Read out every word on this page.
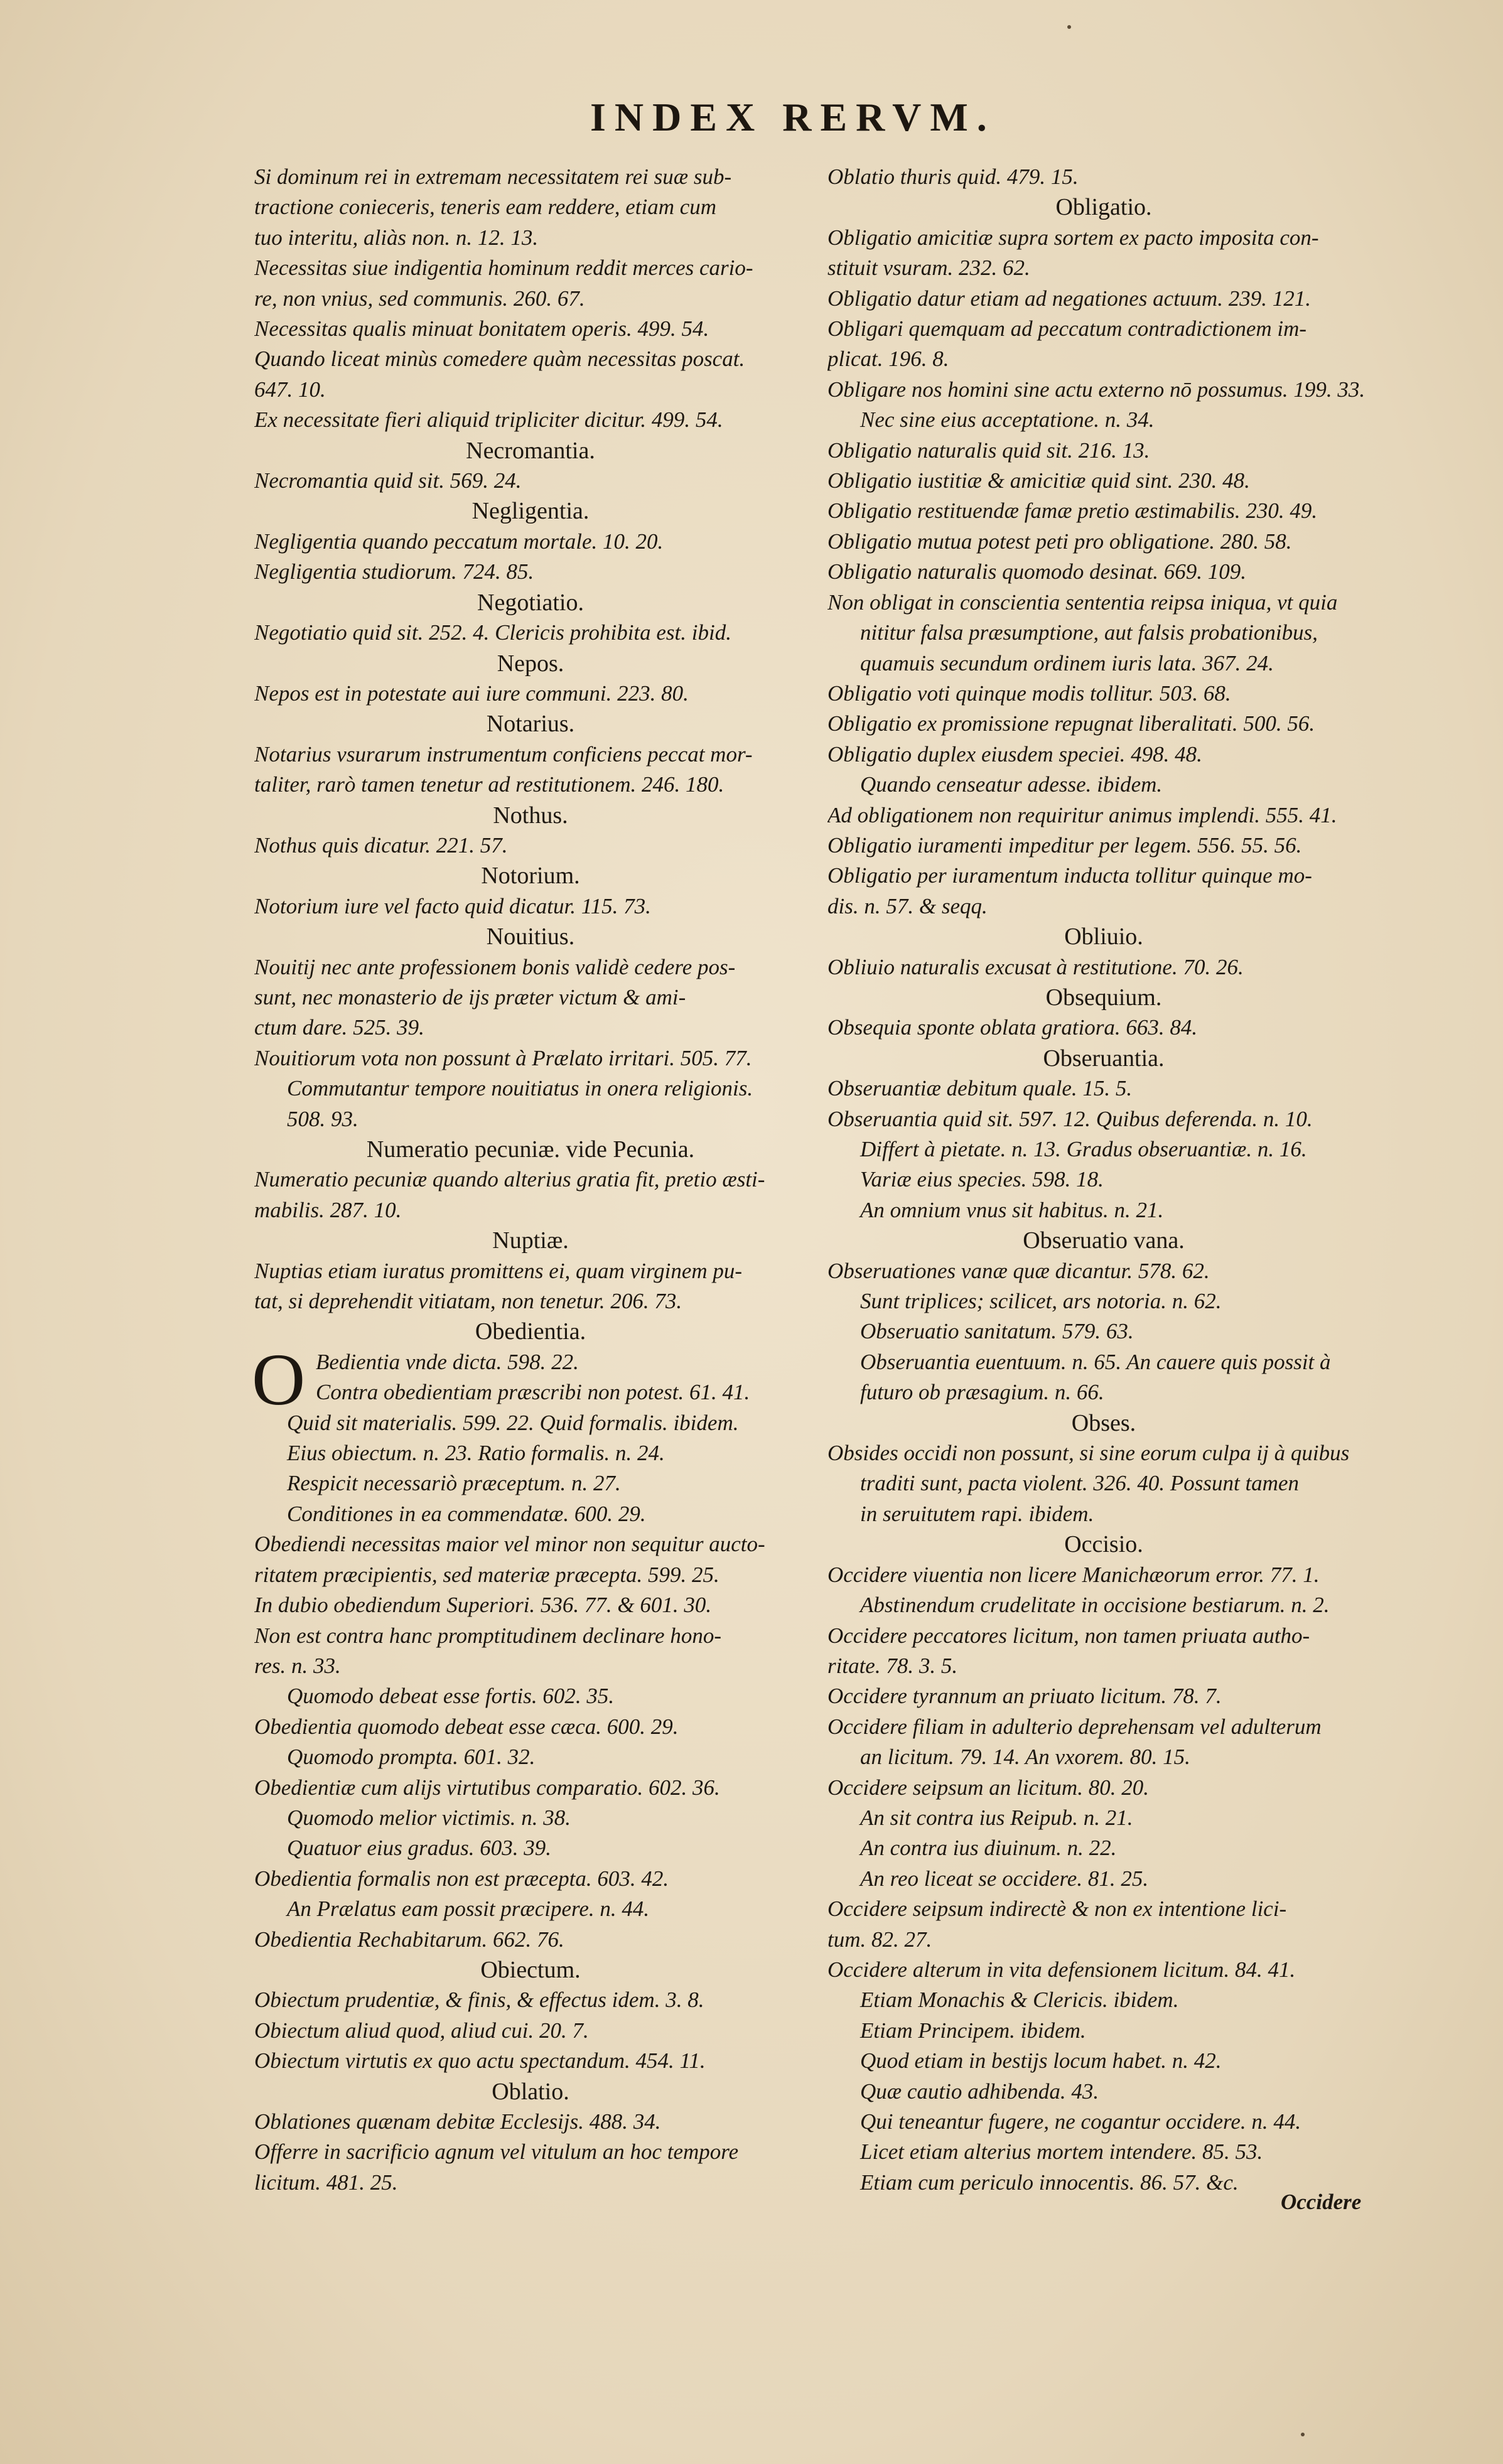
INDEX RERVM.
Si dominum rei in extremam necessitatem rei suæ sub-
tractione conieceris, teneris eam reddere, etiam cum
tuo interitu, aliàs non. n. 12. 13.
Necessitas siue indigentia hominum reddit merces cario-
re, non vnius, sed communis. 260. 67.
Necessitas qualis minuat bonitatem operis. 499. 54.
Quando liceat minùs comedere quàm necessitas poscat.
647. 10.
Ex necessitate fieri aliquid tripliciter dicitur. 499. 54.
Necromantia.
Necromantia quid sit. 569. 24.
Negligentia.
Negligentia quando peccatum mortale. 10. 20.
Negligentia studiorum. 724. 85.
Negotiatio.
Negotiatio quid sit. 252. 4. Clericis prohibita est. ibid.
Nepos.
Nepos est in potestate aui iure communi. 223. 80.
Notarius.
Notarius vsurarum instrumentum conficiens peccat mor-
taliter, rarò tamen tenetur ad restitutionem. 246. 180.
Nothus.
Nothus quis dicatur. 221. 57.
Notorium.
Notorium iure vel facto quid dicatur. 115. 73.
Nouitius.
Nouitij nec ante professionem bonis validè cedere pos-
sunt, nec monasterio de ijs præter victum & ami-
ctum dare. 525. 39.
Nouitiorum vota non possunt à Prælato irritari. 505. 77.
Commutantur tempore nouitiatus in onera religionis.
508. 93.
Numeratio pecuniæ. vide Pecunia.
Numeratio pecuniæ quando alterius gratia fit, pretio æsti-
mabilis. 287. 10.
Nuptiæ.
Nuptias etiam iuratus promittens ei, quam virginem pu-
tat, si deprehendit vitiatam, non tenetur. 206. 73.
Obedientia.
O Bedientia vnde dicta. 598. 22.
Contra obedientiam præscribi non potest. 61. 41.
Quid sit materialis. 599. 22. Quid formalis. ibidem.
Eius obiectum. n. 23. Ratio formalis. n. 24.
Respicit necessariò præceptum. n. 27.
Conditiones in ea commendatæ. 600. 29.
Obediendi necessitas maior vel minor non sequitur aucto-
ritatem præcipientis, sed materiæ præcepta. 599. 25.
In dubio obediendum Superiori. 536. 77. & 601. 30.
Non est contra hanc promptitudinem declinare hono-
res. n. 33.
Quomodo debeat esse fortis. 602. 35.
Obedientia quomodo debeat esse cæca. 600. 29.
Quomodo prompta. 601. 32.
Obedientiæ cum alijs virtutibus comparatio. 602. 36.
Quomodo melior victimis. n. 38.
Quatuor eius gradus. 603. 39.
Obedientia formalis non est præcepta. 603. 42.
An Prælatus eam possit præcipere. n. 44.
Obedientia Rechabitarum. 662. 76.
Obiectum.
Obiectum prudentiæ, & finis, & effectus idem. 3. 8.
Obiectum aliud quod, aliud cui. 20. 7.
Obiectum virtutis ex quo actu spectandum. 454. 11.
Oblatio.
Oblationes quænam debitæ Ecclesijs. 488. 34.
Offerre in sacrificio agnum vel vitulum an hoc tempore
licitum. 481. 25.
Oblatio thuris quid. 479. 15.
Obligatio.
Obligatio amicitiæ supra sortem ex pacto imposita con-
stituit vsuram. 232. 62.
Obligatio datur etiam ad negationes actuum. 239. 121.
Obligari quemquam ad peccatum contradictionem im-
plicat. 196. 8.
Obligare nos homini sine actu externo nō possumus. 199. 33.
Nec sine eius acceptatione. n. 34.
Obligatio naturalis quid sit. 216. 13.
Obligatio iustitiæ & amicitiæ quid sint. 230. 48.
Obligatio restituendæ famæ pretio æstimabilis. 230. 49.
Obligatio mutua potest peti pro obligatione. 280. 58.
Obligatio naturalis quomodo desinat. 669. 109.
Non obligat in conscientia sententia reipsa iniqua, vt quia
nititur falsa præsumptione, aut falsis probationibus,
quamuis secundum ordinem iuris lata. 367. 24.
Obligatio voti quinque modis tollitur. 503. 68.
Obligatio ex promissione repugnat liberalitati. 500. 56.
Obligatio duplex eiusdem speciei. 498. 48.
Quando censeatur adesse. ibidem.
Ad obligationem non requiritur animus implendi. 555. 41.
Obligatio iuramenti impeditur per legem. 556. 55. 56.
Obligatio per iuramentum inducta tollitur quinque mo-
dis. n. 57. & seqq.
Obliuio.
Obliuio naturalis excusat à restitutione. 70. 26.
Obsequium.
Obsequia sponte oblata gratiora. 663. 84.
Obseruantia.
Obseruantiæ debitum quale. 15. 5.
Obseruantia quid sit. 597. 12. Quibus deferenda. n. 10.
Differt à pietate. n. 13. Gradus obseruantiæ. n. 16.
Variæ eius species. 598. 18.
An omnium vnus sit habitus. n. 21.
Obseruatio vana.
Obseruationes vanæ quæ dicantur. 578. 62.
Sunt triplices; scilicet, ars notoria. n. 62.
Obseruatio sanitatum. 579. 63.
Obseruantia euentuum. n. 65. An cauere quis possit à
futuro ob præsagium. n. 66.
Obses.
Obsides occidi non possunt, si sine eorum culpa ij à quibus
traditi sunt, pacta violent. 326. 40. Possunt tamen
in seruitutem rapi. ibidem.
Occisio.
Occidere viuentia non licere Manichæorum error. 77. 1.
Abstinendum crudelitate in occisione bestiarum. n. 2.
Occidere peccatores licitum, non tamen priuata autho-
ritate. 78. 3. 5.
Occidere tyrannum an priuato licitum. 78. 7.
Occidere filiam in adulterio deprehensam vel adulterum
an licitum. 79. 14. An vxorem. 80. 15.
Occidere seipsum an licitum. 80. 20.
An sit contra ius Reipub. n. 21.
An contra ius diuinum. n. 22.
An reo liceat se occidere. 81. 25.
Occidere seipsum indirectè & non ex intentione lici-
tum. 82. 27.
Occidere alterum in vita defensionem licitum. 84. 41.
Etiam Monachis & Clericis. ibidem.
Etiam Principem. ibidem.
Quod etiam in bestijs locum habet. n. 42.
Quæ cautio adhibenda. 43.
Qui teneantur fugere, ne cogantur occidere. n. 44.
Licet etiam alterius mortem intendere. 85. 53.
Etiam cum periculo innocentis. 86. 57. &c.
Occidere
